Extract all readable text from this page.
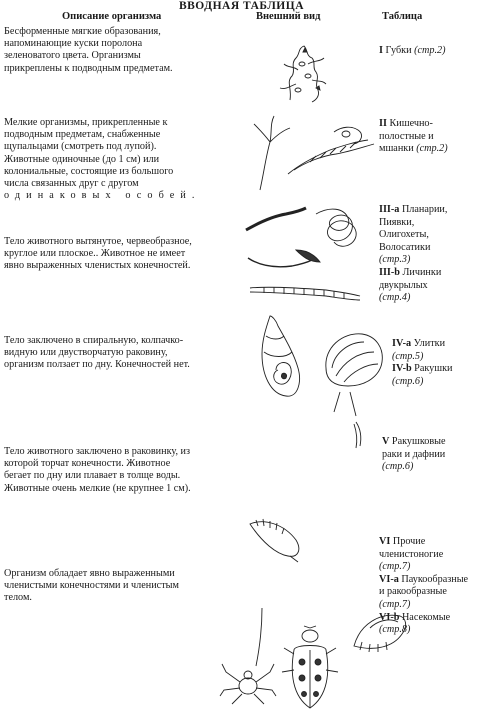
ВВОДНАЯ ТАБЛИЦА
Описание организма	Внешний вид	Таблица

Бесформенные мягкие образования,

напоминающие куски поролона

зеленоватого цвета. Организмы

прикреплены к подводным предметам.

I Губки (стр.2)

Мелкие организмы, прикрепленные к

подводным предметам, снабженные

щупальцами (смотреть под лупой).

Животные одиночные (до 1 см) или

колониальные, состоящие из большого

числа связанных друг с другом

одинаковых особей.

II Кишечно-
полостные и
мшанки (стр.2)

Тело животного вытянутое, червеобразное,

круглое или плоское.. Животное не имеет

явно выраженных членистых конечностей.

III-a Планарии,
Пиявки,
Олигохеты,
Волосатики
(стр.3)
III-b Личинки
двукрылых
(стр.4)

Тело заключено в спиральную, колпачко-

видную или двустворчатую раковину,

организм ползает по дну. Конечностей нет.

IV-a Улитки
(стр.5)
IV-b Ракушки
(стр.6)

Тело животного заключено в раковинку, из

которой торчат конечности. Животное

бегает по дну или плавает в толще воды.

Животные очень мелкие (не крупнее 1 см).

V Ракушковые
раки и дафнии
(стр.6)

Организм обладает явно выраженными

членистыми конечностями и членистым

телом.

VI Прочие
членистоногие
(стр.7)
VI-a Паукообразные
и ракообразные
(стр.7)
VI-b Насекомые
(стр.8)
